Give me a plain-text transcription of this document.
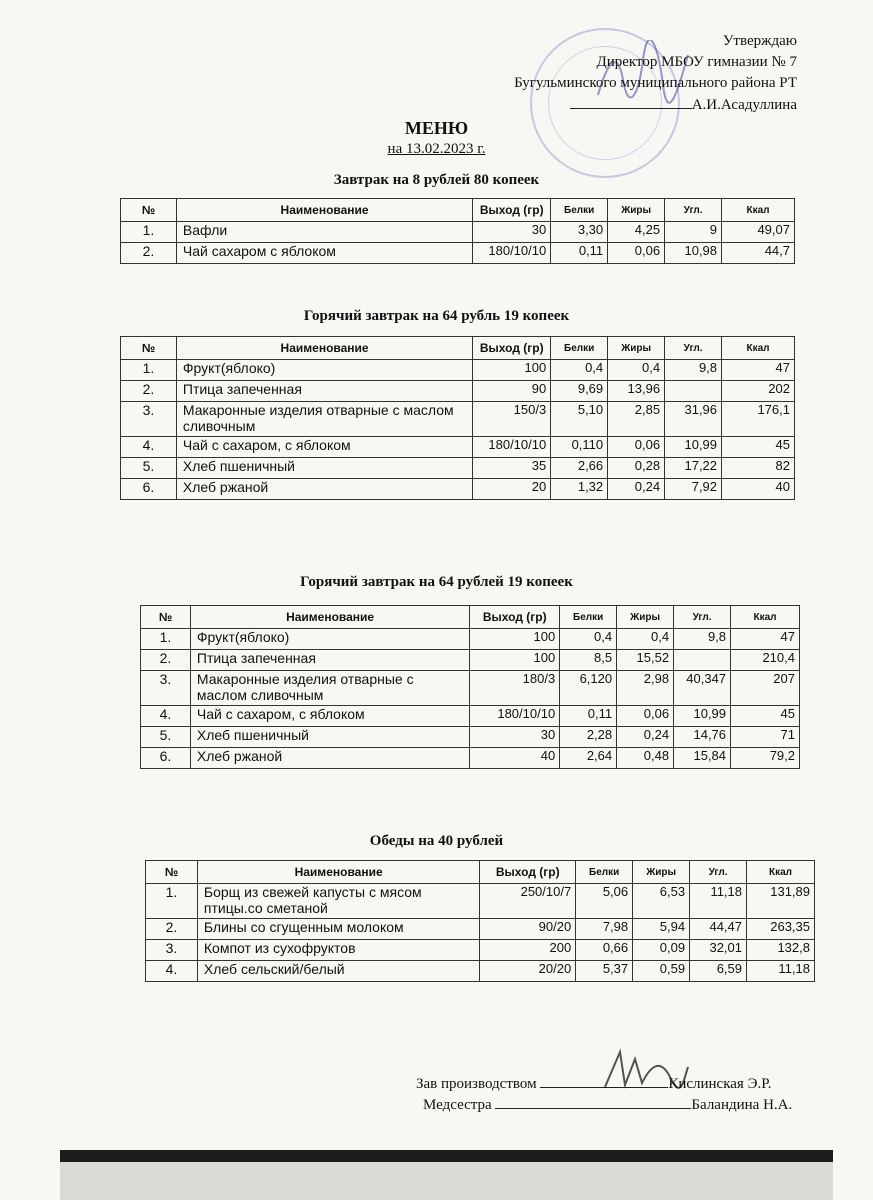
Утверждаю
Директор МБОУ гимназии № 7
Бугульминского муниципального района РТ
А.И.Асадуллина
МЕНЮ
на 13.02.2023 г.
Завтрак на 8 рублей 80 копеек
№	Наименование	Выход (гр)	Белки	Жиры	Угл.	Ккал
1.	Вафли	30	3,30	4,25	9	49,07
2.	Чай сахаром с яблоком	180/10/10	0,11	0,06	10,98	44,7
Горячий завтрак на 64 рубль 19 копеек
№	Наименование	Выход (гр)	Белки	Жиры	Угл.	Ккал
1.	Фрукт(яблоко)	100	0,4	0,4	9,8	47
2.	Птица запеченная	90	9,69	13,96		202
3.	Макаронные изделия отварные с маслом сливочным	150/3	5,10	2,85	31,96	176,1
4.	Чай с сахаром, с яблоком	180/10/10	0,110	0,06	10,99	45
5.	Хлеб пшеничный	35	2,66	0,28	17,22	82
6.	Хлеб ржаной	20	1,32	0,24	7,92	40
Горячий завтрак на 64 рублей 19 копеек
№	Наименование	Выход (гр)	Белки	Жиры	Угл.	Ккал
1.	Фрукт(яблоко)	100	0,4	0,4	9,8	47
2.	Птица запеченная	100	8,5	15,52		210,4
3.	Макаронные изделия отварные с маслом сливочным	180/3	6,120	2,98	40,347	207
4.	Чай с сахаром, с яблоком	180/10/10	0,11	0,06	10,99	45
5.	Хлеб пшеничный	30	2,28	0,24	14,76	71
6.	Хлеб ржаной	40	2,64	0,48	15,84	79,2
Обеды на 40 рублей
№	Наименование	Выход (гр)	Белки	Жиры	Угл.	Ккал
1.	Борщ из свежей капусты с мясом птицы.со сметаной	250/10/7	5,06	6,53	11,18	131,89
2.	Блины со сгущенным молоком	90/20	7,98	5,94	44,47	263,35
3.	Компот из сухофруктов	200	0,66	0,09	32,01	132,8
4.	Хлеб сельский/белый	20/20	5,37	0,59	6,59	11,18
Зав производством	Кислинская Э.Р.
Медсестра	Баландина Н.А.
